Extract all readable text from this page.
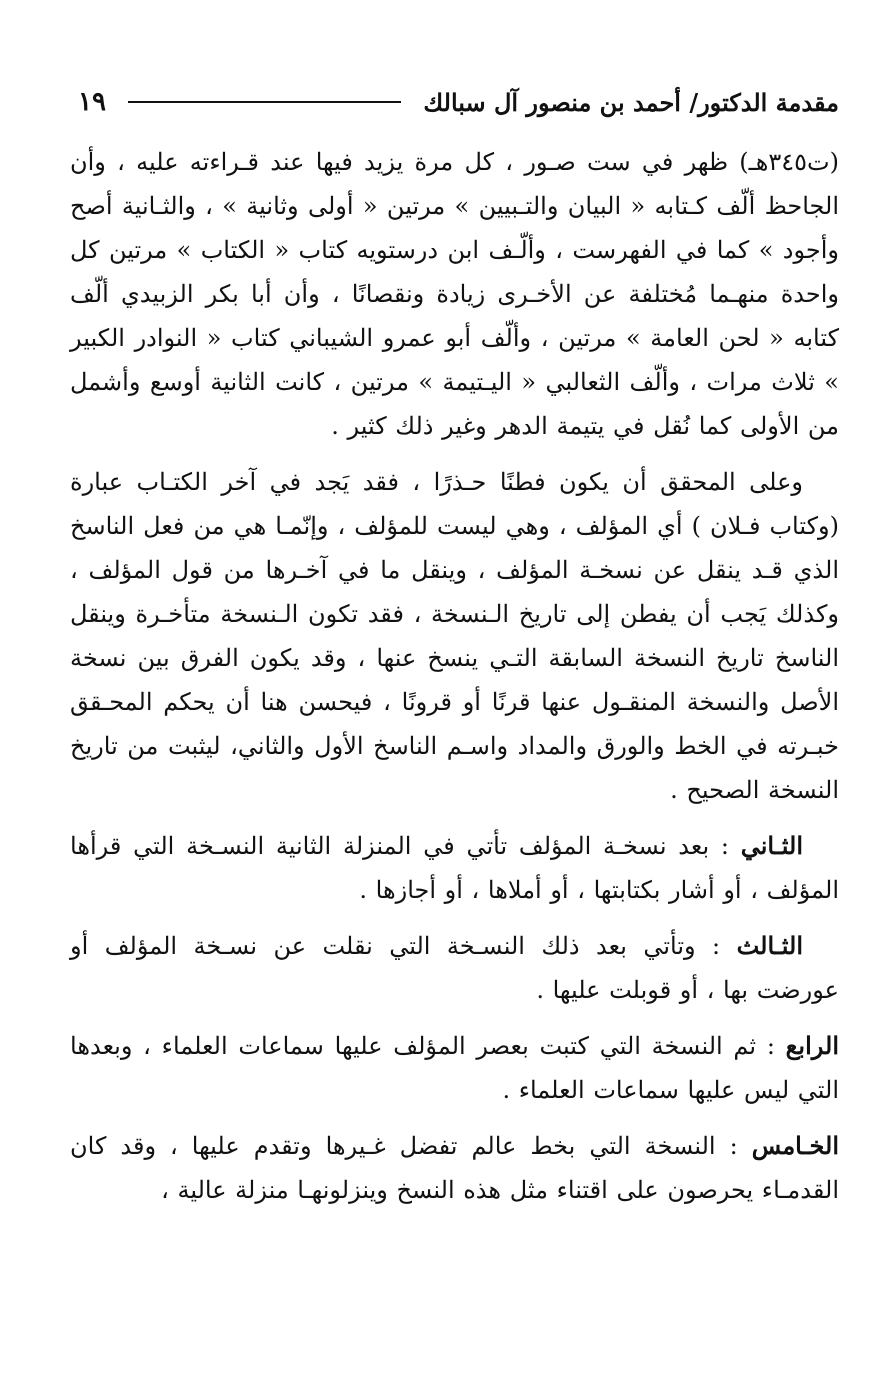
مقدمة الدكتور/ أحمد بن منصور آل سبالك
١٩

(ت٣٤٥هـ) ظهر في ست صـور ، كل مرة يزيد فيها عند قـراءته عليه ، وأن الجاحظ ألّف كـتابه « البيان والتـبيين » مرتين « أولى وثانية » ، والثـانية أصح وأجود » كما في الفهرست ، وألّـف ابن درستويه كتاب « الكتاب » مرتين كل واحدة منهـما مُختلفة عن الأخـرى زيادة ونقصانًا ، وأن أبا بكر الزبيدي ألّف كتابه « لحن العامة » مرتين ، وألّف أبو عمرو الشيباني كتاب « النوادر الكبير » ثلاث مرات ، وألّف الثعالبي « اليـتيمة » مرتين ، كانت الثانية أوسع وأشمل من الأولى كما نُقل في يتيمة الدهر وغير ذلك كثير .

وعلى المحقق أن يكون فطنًا حـذرًا ، فقد يَجد في آخر الكتـاب عبارة (وكتاب فـلان ) أي المؤلف ، وهي ليست للمؤلف ، وإنّمـا هي من فعل الناسخ الذي قـد ينقل عن نسخـة المؤلف ، وينقل ما في آخـرها من قول المؤلف ، وكذلك يَجب أن يفطن إلى تاريخ الـنسخة ، فقد تكون الـنسخة متأخـرة وينقل الناسخ تاريخ النسخة السابقة التـي ينسخ عنها ، وقد يكون الفرق بين نسخة الأصل والنسخة المنقـول عنها قرنًا أو قرونًا ، فيحسن هنا أن يحكم المحـقق خبـرته في الخط والورق والمداد واسـم الناسخ الأول والثاني، ليثبت من تاريخ النسخة الصحيح .

الثـاني : بعد نسخـة المؤلف تأتي في المنزلة الثانية النسـخة التي قرأها المؤلف ، أو أشار بكتابتها ، أو أملاها ، أو أجازها .

الثـالث : وتأتي بعد ذلك النسـخة التي نقلت عن نسـخة المؤلف أو عورضت بها ، أو قوبلت عليها .

الرابع : ثم النسخة التي كتبت بعصر المؤلف عليها سماعات العلماء ، وبعدها التي ليس عليها سماعات العلماء .

الخـامس : النسخة التي بخط عالم تفضل غـيرها وتقدم عليها ، وقد كان القدمـاء يحرصون على اقتناء مثل هذه النسخ وينزلونهـا منزلة عالية ،
